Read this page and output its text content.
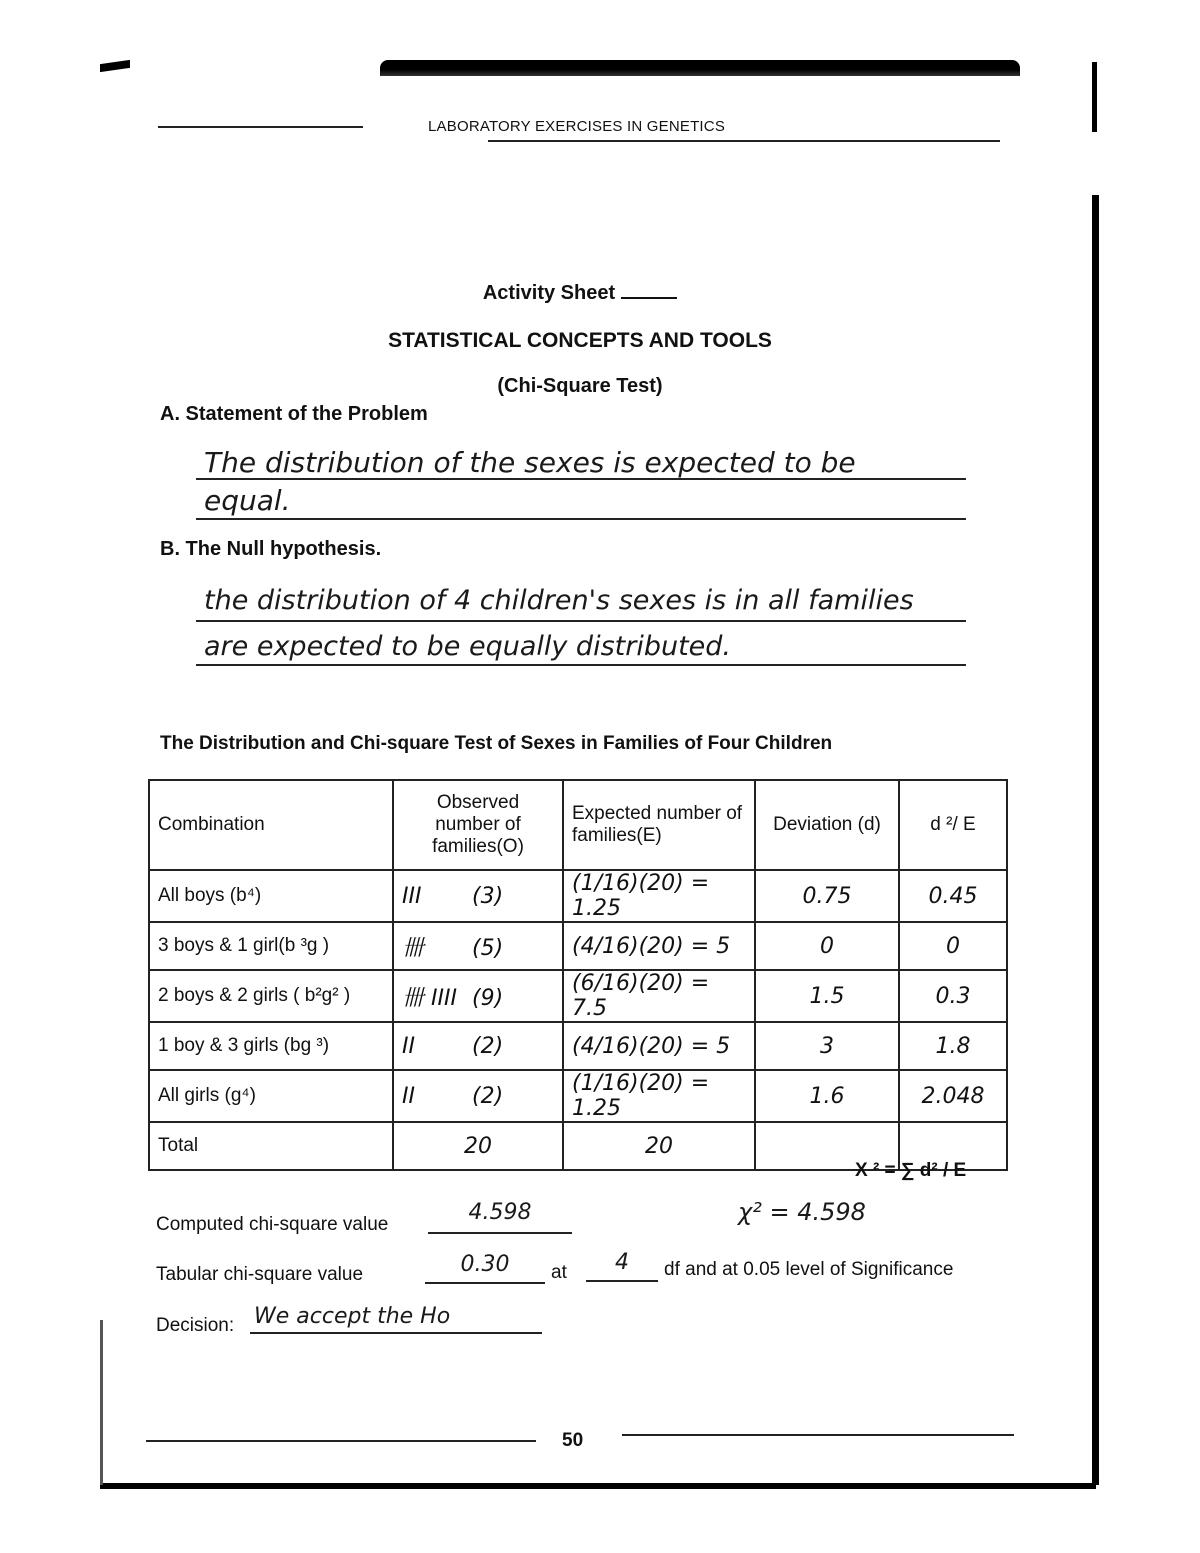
LABORATORY EXERCISES IN GENETICS
Activity Sheet
STATISTICAL CONCEPTS AND TOOLS
(Chi-Square Test)
A. Statement of the Problem
The distribution of the sexes is expected to be
equal.
B. The Null hypothesis.
the distribution of 4 children's sexes is in all families
are expected to be equally distributed.
The Distribution and Chi-square Test of Sexes in Families of Four Children
Combination	Observed number of families(O)	Expected number of families(E)	Deviation (d)	d ²/ E
All boys (b⁴)	III (3)	(1/16)(20) = 1.25	0.75	0.45
3 boys & 1 girl(b ³g )	卌 (5)	(4/16)(20) = 5	0	0
2 boys & 2 girls ( b²g² )	卌 IIII (9)	(6/16)(20) = 7.5	1.5	0.3
1 boy & 3 girls (bg ³)	II (2)	(4/16)(20) = 5	3	1.8
All girls (g⁴)	II (2)	(1/16)(20) = 1.25	1.6	2.048
Total	20	20		
X ² = ∑ d² / E
Computed chi-square value	4.598	χ² = 4.598
Tabular chi-square value	0.30	at	4	df and at 0.05 level of Significance
Decision: We accept the Ho
50
